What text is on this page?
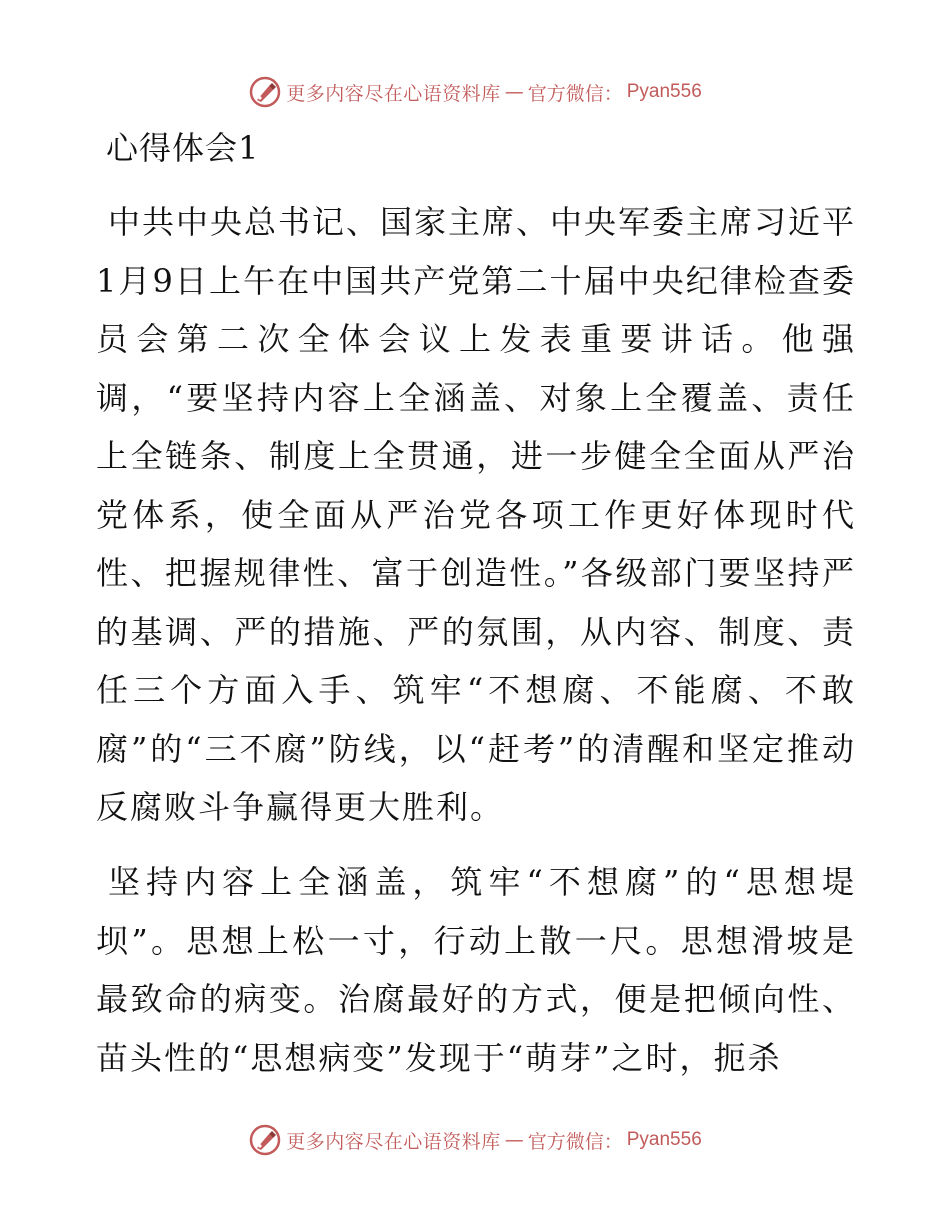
更多内容尽在心语资料库 — 官方微信： Pyan556
心得体会1

中共中央总书记、国家主席、中央军委主席习近平1月9日上午在中国共产党第二十届中央纪律检查委员会第二次全体会议上发表重要讲话。他强调，“要坚持内容上全涵盖、对象上全覆盖、责任上全链条、制度上全贯通，进一步健全全面从严治党体系，使全面从严治党各项工作更好体现时代性、把握规律性、富于创造性。”各级部门要坚持严的基调、严的措施、严的氛围，从内容、制度、责任三个方面入手、筑牢“不想腐、不能腐、不敢腐”的“三不腐”防线，以“赶考”的清醒和坚定推动反腐败斗争赢得更大胜利。

坚持内容上全涵盖，筑牢“不想腐”的“思想堤坝”。思想上松一寸，行动上散一尺。思想滑坡是最致命的病变。治腐最好的方式，便是把倾向性、苗头性的“思想病变”发现于“萌芽”之时，扼杀

更多内容尽在心语资料库 — 官方微信： Pyan556
